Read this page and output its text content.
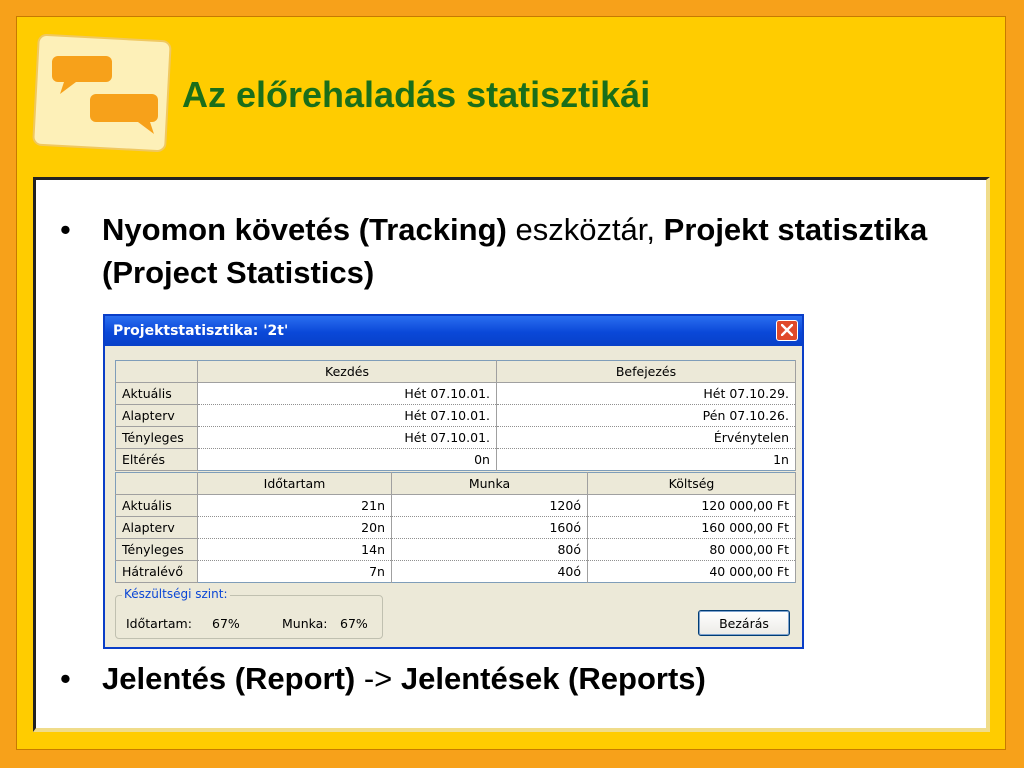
Az előrehaladás statisztikái
• Nyomon követés (Tracking) eszköztár, Projekt statisztika (Project Statistics)
Projektstatisztika: '2t'
	Kezdés	Befejezés
Aktuális	Hét 07.10.01.	Hét 07.10.29.
Alapterv	Hét 07.10.01.	Pén 07.10.26.
Tényleges	Hét 07.10.01.	Érvénytelen
Eltérés	0n	1n
	Időtartam	Munka	Költség
Aktuális	21n	120ó	120 000,00 Ft
Alapterv	20n	160ó	160 000,00 Ft
Tényleges	14n	80ó	80 000,00 Ft
Hátralévő	7n	40ó	40 000,00 Ft
Készültségi szint:
Időtartam: 67%	Munka: 67%	Bezárás
• Jelentés (Report) -> Jelentések (Reports)
